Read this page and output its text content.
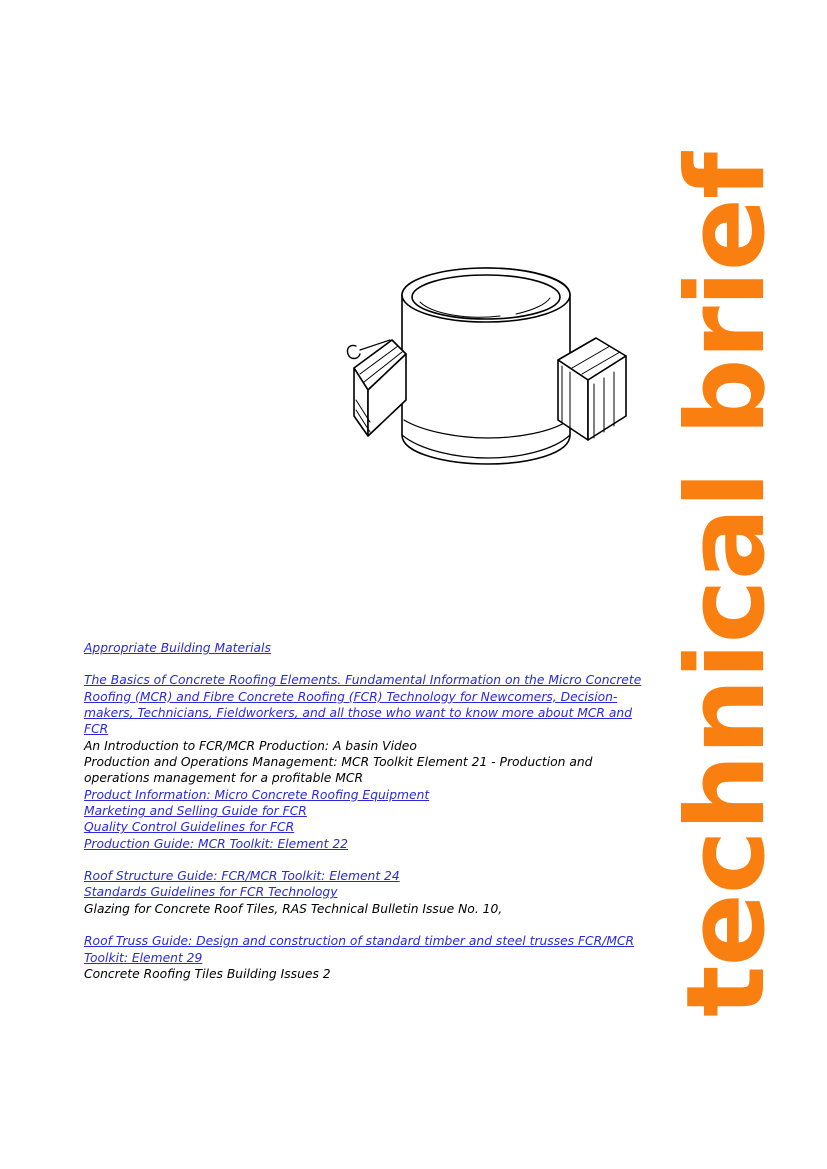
technical brief

Appropriate Building Materials

The Basics of Concrete Roofing Elements. Fundamental Information on the Micro Concrete Roofing (MCR) and Fibre Concrete Roofing (FCR) Technology for Newcomers, Decision-makers, Technicians, Fieldworkers, and all those who want to know more about MCR and FCR

An Introduction to FCR/MCR Production: A basin Video

Production and Operations Management: MCR Toolkit Element 21 - Production and operations management for a profitable MCR

Product Information: Micro Concrete Roofing Equipment

Marketing and Selling Guide for FCR

Quality Control Guidelines for FCR

Production Guide: MCR Toolkit: Element 22

Roof Structure Guide: FCR/MCR Toolkit: Element 24

Standards Guidelines for FCR Technology

Glazing for Concrete Roof Tiles, RAS Technical Bulletin Issue No. 10,

Roof Truss Guide: Design and construction of standard timber and steel trusses FCR/MCR Toolkit: Element 29

Concrete Roofing Tiles Building Issues 2
